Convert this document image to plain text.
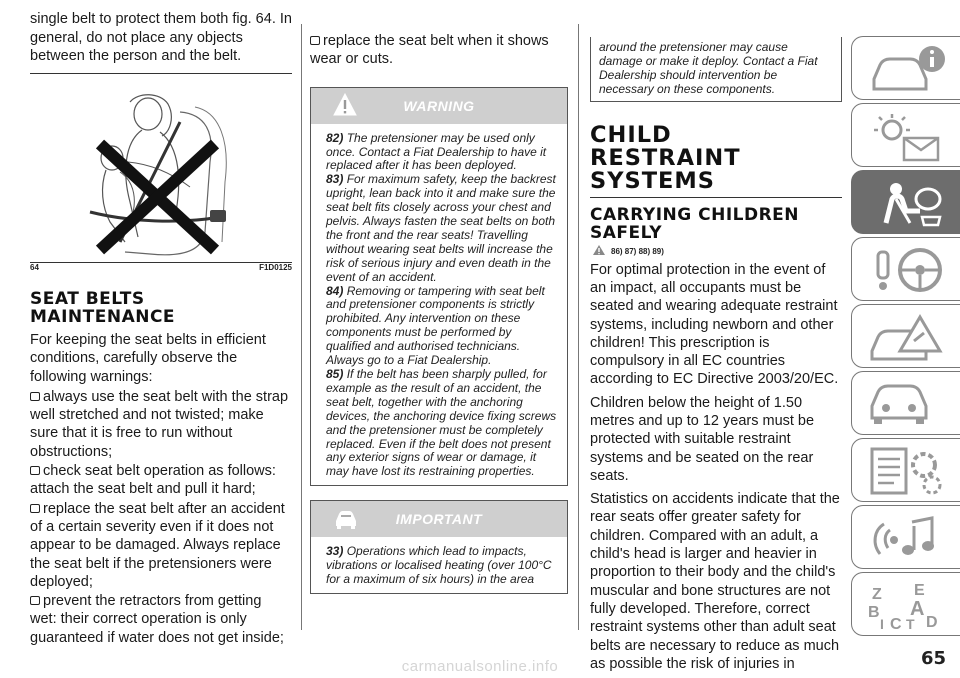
single belt to protect them both fig. 64. In general, do not place any objects between the person and the belt.
64	F1D0125
SEAT BELTS MAINTENANCE

For keeping the seat belts in efficient conditions, carefully observe the following warnings:

always use the seat belt with the strap well stretched and not twisted; make sure that it is free to run without obstructions;
check seat belt operation as follows: attach the seat belt and pull it hard;
replace the seat belt after an accident of a certain severity even if it does not appear to be damaged. Always replace the seat belt if the pretensioners were deployed;
prevent the retractors from getting wet: their correct operation is only guaranteed if water does not get inside;
replace the seat belt when it shows wear or cuts.
WARNING

82) The pretensioner may be used only once. Contact a Fiat Dealership to have it replaced after it has been deployed.

83) For maximum safety, keep the backrest upright, lean back into it and make sure the seat belt fits closely across your chest and pelvis. Always fasten the seat belts on both the front and the rear seats! Travelling without wearing seat belts will increase the risk of serious injury and even death in the event of an accident.

84) Removing or tampering with seat belt and pretensioner components is strictly prohibited. Any intervention on these components must be performed by qualified and authorised technicians. Always go to a Fiat Dealership.

85) If the belt has been sharply pulled, for example as the result of an accident, the seat belt, together with the anchoring devices, the anchoring device fixing screws and the pretensioner must be completely replaced. Even if the belt does not present any exterior signs of wear or damage, it may have lost its restraining properties.

IMPORTANT

33) Operations which lead to impacts, vibrations or localised heating (over 100°C for a maximum of six hours) in the area

around the pretensioner may cause damage or make it deploy. Contact a Fiat Dealership should intervention be necessary on these components.
CHILD RESTRAINT SYSTEMS
CARRYING CHILDREN SAFELY
86) 87) 88) 89)

For optimal protection in the event of an impact, all occupants must be seated and wearing adequate restraint systems, including newborn and other children! This prescription is compulsory in all EC countries according to EC Directive 2003/20/EC.

Children below the height of 1.50 metres and up to 12 years must be protected with suitable restraint systems and be seated on the rear seats.

Statistics on accidents indicate that the rear seats offer greater safety for children. Compared with an adult, a child's head is larger and heavier in proportion to their body and the child's muscular and bone structures are not fully developed. Therefore, correct restraint systems other than adult seat belts are necessary to reduce as much as possible the risk of injuries in

Z E
B A
I C T D
65
carmanualsonline.info
